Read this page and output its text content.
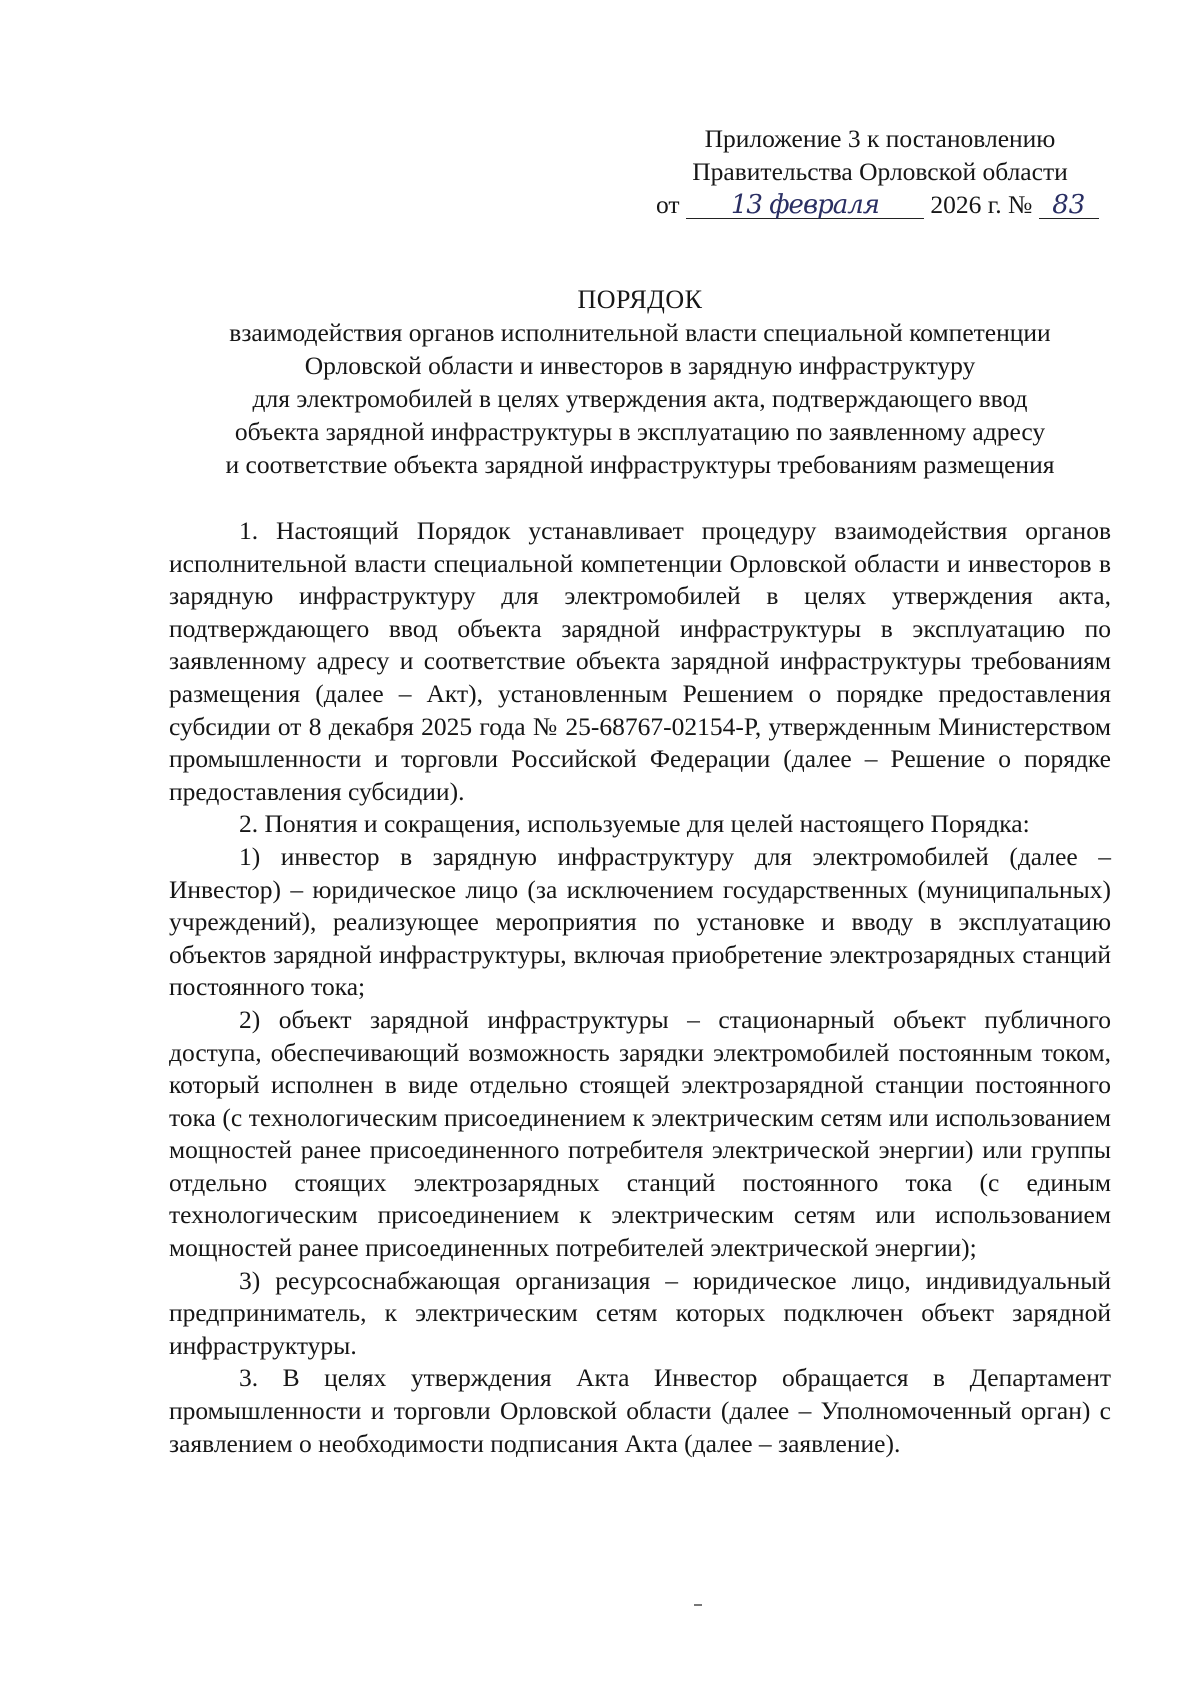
Приложение 3 к постановлению
Правительства Орловской области
от 13 февраля 2026 г. № 83
ПОРЯДОК
взаимодействия органов исполнительной власти специальной компетенции
Орловской области и инвесторов в зарядную инфраструктуру
для электромобилей в целях утверждения акта, подтверждающего ввод
объекта зарядной инфраструктуры в эксплуатацию по заявленному адресу
и соответствие объекта зарядной инфраструктуры требованиям размещения

1. Настоящий Порядок устанавливает процедуру взаимодействия органов исполнительной власти специальной компетенции Орловской области и инвесторов в зарядную инфраструктуру для электромобилей в целях утверждения акта, подтверждающего ввод объекта зарядной инфраструктуры в эксплуатацию по заявленному адресу и соответствие объекта зарядной инфраструктуры требованиям размещения (далее – Акт), установленным Решением о порядке предоставления субсидии от 8 декабря 2025 года № 25-68767-02154-Р, утвержденным Министерством промышленности и торговли Российской Федерации (далее – Решение о порядке предоставления субсидии).

2. Понятия и сокращения, используемые для целей настоящего Порядка:

1) инвестор в зарядную инфраструктуру для электромобилей (далее – Инвестор) – юридическое лицо (за исключением государственных (муниципальных) учреждений), реализующее мероприятия по установке и вводу в эксплуатацию объектов зарядной инфраструктуры, включая приобретение электрозарядных станций постоянного тока;

2) объект зарядной инфраструктуры – стационарный объект публичного доступа, обеспечивающий возможность зарядки электромобилей постоянным током, который исполнен в виде отдельно стоящей электрозарядной станции постоянного тока (с технологическим присоединением к электрическим сетям или использованием мощностей ранее присоединенного потребителя электрической энергии) или группы отдельно стоящих электрозарядных станций постоянного тока (с единым технологическим присоединением к электрическим сетям или использованием мощностей ранее присоединенных потребителей электрической энергии);

3) ресурсоснабжающая организация – юридическое лицо, индивидуальный предприниматель, к электрическим сетям которых подключен объект зарядной инфраструктуры.

3. В целях утверждения Акта Инвестор обращается в Департамент промышленности и торговли Орловской области (далее – Уполномоченный орган) с заявлением о необходимости подписания Акта (далее – заявление).
